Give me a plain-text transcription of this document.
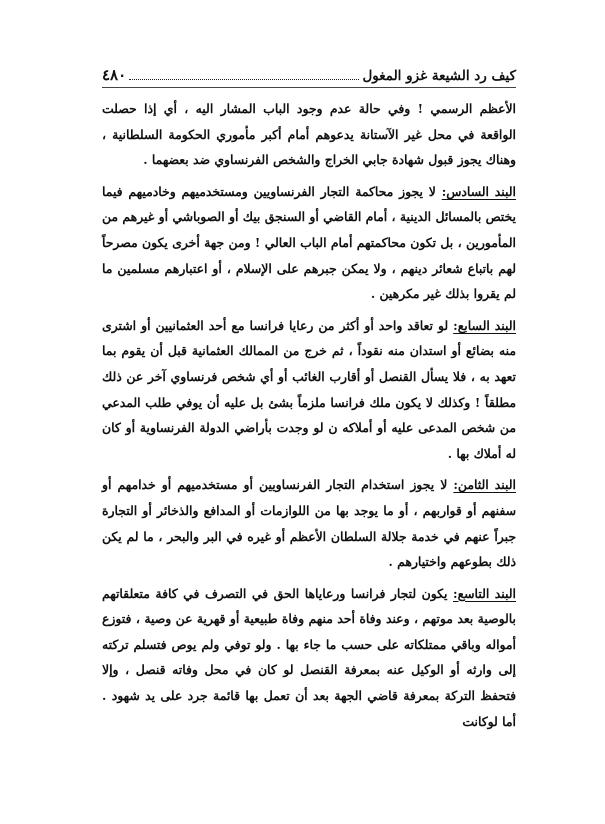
كيف رد الشيعة غزو المغول
٤٨٠

الأعظم الرسمي ! وفي حالة عدم وجود الباب المشار اليه ، أي إذا حصلت الواقعة في محل غير الآستانة يدعوهم أمام أكبر مأموري الحكومة السلطانية ، وهناك يجوز قبول شهادة جابي الخراج والشخص الفرنساوي ضد بعضهما .

البند السادس: لا يجوز محاكمة التجار الفرنساويين ومستخدميهم وخادميهم فيما يختص بالمسائل الدينية ، أمام القاضي أو السنجق بيك أو الصوباشي أو غيرهم من المأمورين ، بل تكون محاكمتهم أمام الباب العالي ! ومن جهة أخرى يكون مصرحاً لهم باتباع شعائر دينهم ، ولا يمكن جبرهم على الإسلام ، أو اعتبارهم مسلمين ما لم يقروا بذلك غير مكرهين .

البند السابع: لو تعاقد واحد أو أكثر من رعايا فرانسا مع أحد العثمانيين أو اشترى منه بضائع أو استدان منه نقوداً ، ثم خرج من الممالك العثمانية قبل أن يقوم بما تعهد به ، فلا يسأل القنصل أو أقارب الغائب أو أي شخص فرنساوي آخر عن ذلك مطلقاً ! وكذلك لا يكون ملك فرانسا ملزماً بشئ بل عليه أن يوفي طلب المدعي من شخص المدعى عليه أو أملاكه ن لو وجدت بأراضي الدولة الفرنساوية أو كان له أملاك بها .

البند الثامن: لا يجوز استخدام التجار الفرنساويين أو مستخدميهم أو خدامهم أو سفنهم أو قواربهم ، أو ما يوجد بها من اللوازمات أو المدافع والذخائر أو التجارة جبراً عنهم في خدمة جلالة السلطان الأعظم أو غيره في البر والبحر ، ما لم يكن ذلك بطوعهم واختيارهم .

البند التاسع: يكون لتجار فرانسا ورعاياها الحق في التصرف في كافة متعلقاتهم بالوصية بعد موتهم ، وعند وفاة أحد منهم وفاة طبيعية أو قهرية عن وصية ، فتوزع أمواله وباقي ممتلكاته على حسب ما جاء بها . ولو توفي ولم يوص فتسلم تركته إلى وارثه أو الوكيل عنه بمعرفة القنصل لو كان في محل وفاته قنصل ، وإلا فتحفظ التركة بمعرفة قاضي الجهة بعد أن تعمل بها قائمة جرد على يد شهود . أما لوكانت
